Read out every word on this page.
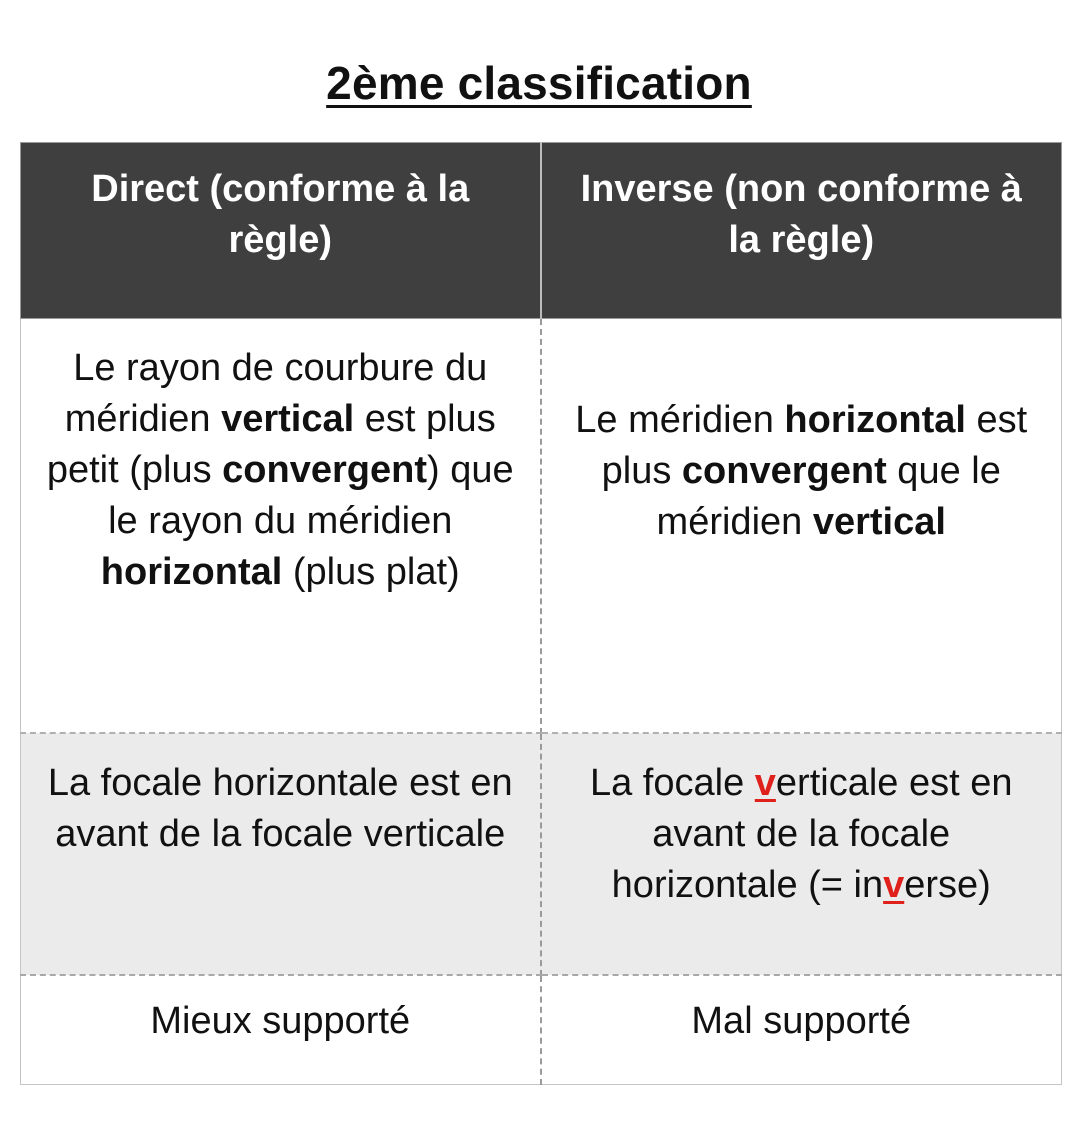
2ème classification
Direct (conforme à la règle)	Inverse (non conforme à la règle)
Le rayon de courbure du méridien vertical est plus petit (plus convergent) que le rayon du méridien horizontal (plus plat)	Le méridien horizontal est plus convergent que le méridien vertical
La focale horizontale est en avant de la focale verticale	La focale verticale est en avant de la focale horizontale (= inverse)
Mieux supporté	Mal supporté
